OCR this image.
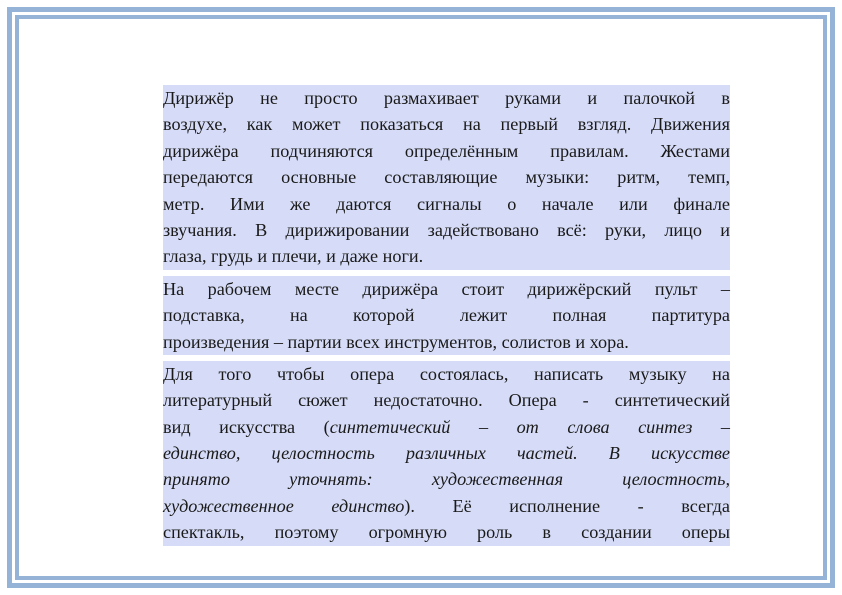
Дирижёр не просто размахивает руками и палочкой в
воздухе, как может показаться на первый взгляд. Движения
дирижёра подчиняются определённым правилам. Жестами
передаются основные составляющие музыки: ритм, темп,
метр. Ими же даются сигналы о начале или финале
звучания. В дирижировании задействовано всё: руки, лицо и
глаза, грудь и плечи, и даже ноги.
На рабочем месте дирижёра стоит дирижёрский пульт –
подставка, на которой лежит полная партитура
произведения – партии всех инструментов, солистов и хора.
Для того чтобы опера состоялась, написать музыку на
литературный сюжет недостаточно. Опера - синтетический
вид искусства (синтетический – от слова синтез –
единство, целостность различных частей. В искусстве
принято уточнять: художественная целостность,
художественное единство). Её исполнение - всегда
спектакль, поэтому огромную роль в создании оперы
